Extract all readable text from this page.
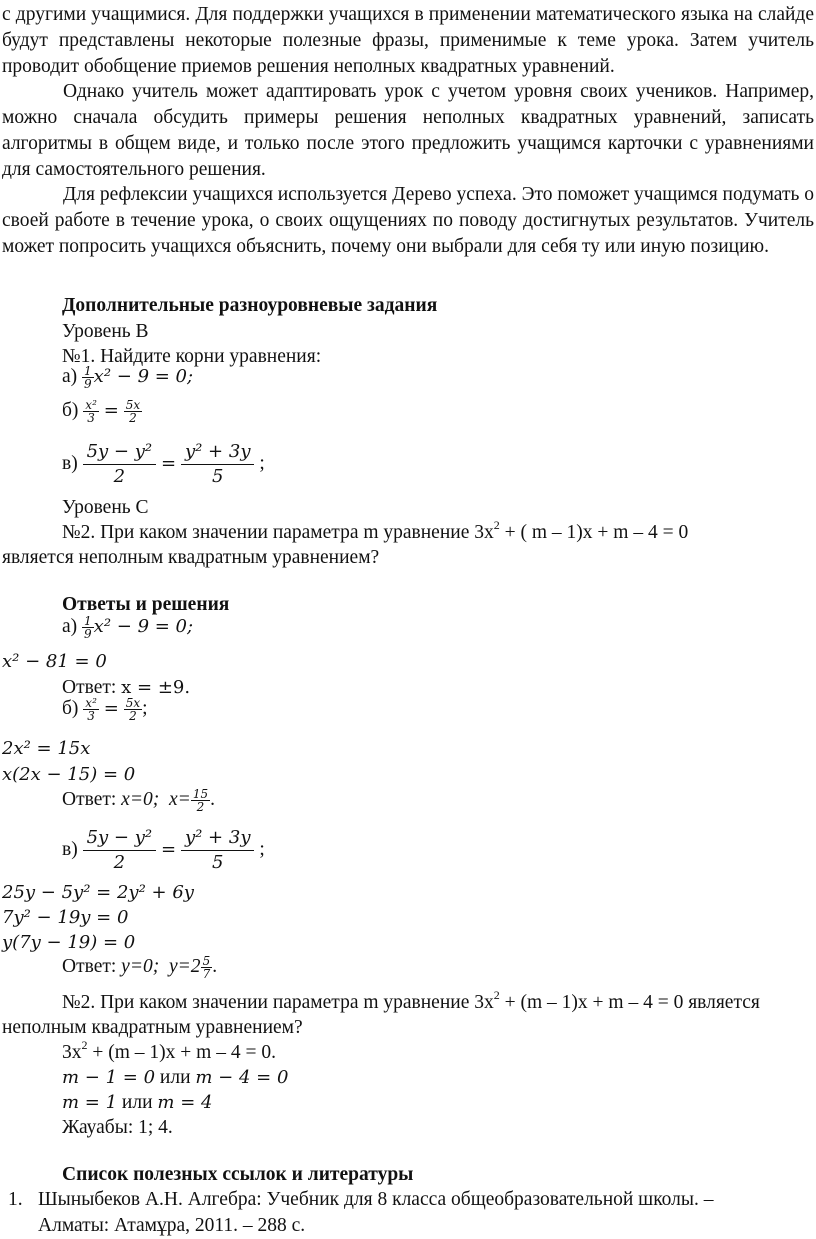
с другими учащимися. Для поддержки учащихся в применении математического языка на слайде будут представлены некоторые полезные фразы, применимые к теме урока. Затем учитель проводит обобщение приемов решения неполных квадратных уравнений.
Однако учитель может адаптировать урок с учетом уровня своих учеников. Например, можно сначала обсудить примеры решения неполных квадратных уравнений, записать алгоритмы в общем виде, и только после этого предложить учащимся карточки с уравнениями для самостоятельного решения.
Для рефлексии учащихся используется Дерево успеха. Это поможет учащимся подумать о своей работе в течение урока, о своих ощущениях по поводу достигнутых результатов. Учитель может попросить учащихся объяснить, почему они выбрали для себя ту или иную позицию.
Дополнительные разноуровневые задания
Уровень В
№1. Найдите корни уравнения:
$а) \frac{1}{9} x^2 - 9 = 0$;
$б) \frac{\text{x²}}{3} = \frac{5x}{2}$
$в) \frac{\text{5y − y²}}{2} = \frac{\text{y² + 3y}}{5}$ ;
Уровень С
№2. При каком значении параметра m уравнение $3x^2$ + ( m – 1)x + m – 4 = 0
является неполным квадратным уравнением?
Ответы и решения
$а) \frac{1}{9} x^2 - 9 = 0$;
x² − 81 = 0
Ответ: x = ±9.
$б) \frac{\text{x²}}{3} = \frac{5x}{2}$ ;
2x² = 15x
x(2x − 15) = 0
Ответ: x=0; $x= \frac{15}{2}$ .
$в) \frac{\text{5y − y²}}{2} = \frac{\text{y² + 3y}}{5}$ ;
25y − 5y² = 2y² + 6y
7y² − 19y = 0
y(7y − 19) = 0
Ответ: y=0; $y=2 \frac{5}{7}$ .
№2. При каком значении параметра m уравнение $3x^2 + (m - 1)x + m - 4 = 0$ является
неполным квадратным уравнением?
$3x^2 + (m - 1)x + m - 4 = 0$.
m − 1 = 0 или m − 4 = 0
m = 1 или m = 4
Жауабы: 1; 4.
Список полезных ссылок и литературы
1. Шыныбеков А.Н. Алгебра: Учебник для 8 класса общеобразовательной школы. –
Алматы: Атамұра, 2011. – 288 с.
